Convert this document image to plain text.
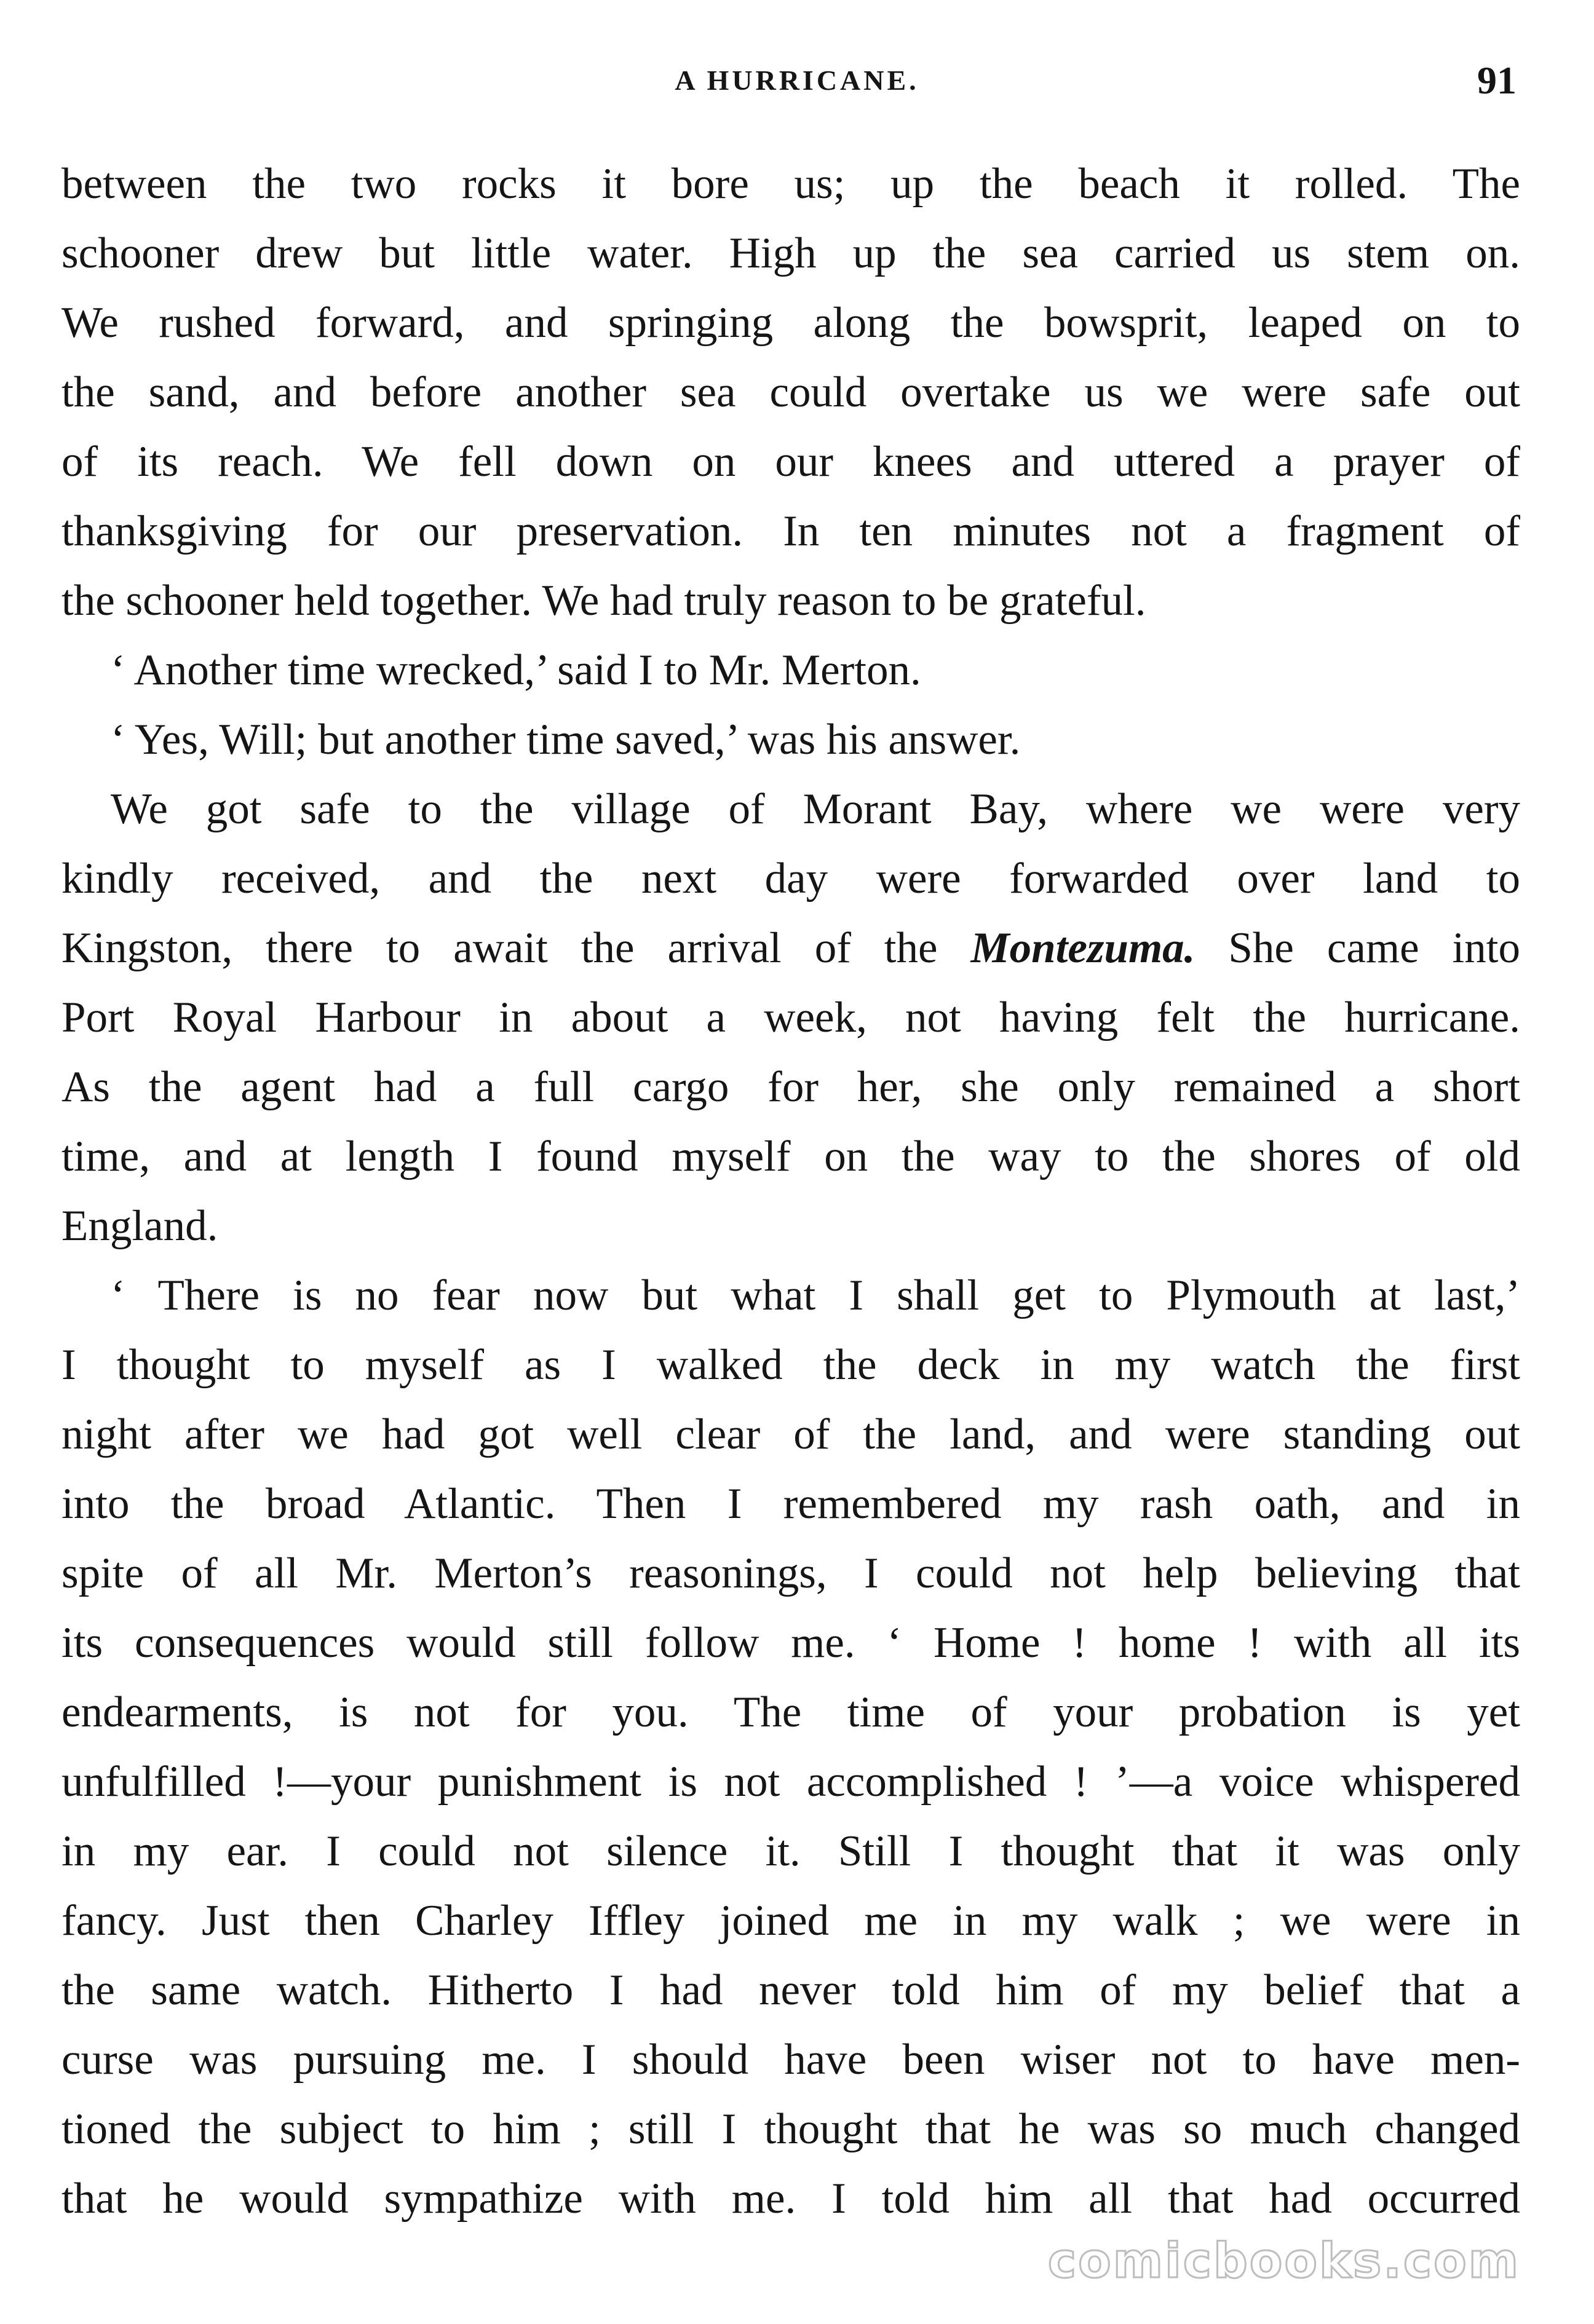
A HURRICANE.	91
between the two rocks it bore us; up the beach it rolled. The
schooner drew but little water. High up the sea carried us stem on.
We rushed forward, and springing along the bowsprit, leaped on to
the sand, and before another sea could overtake us we were safe out
of its reach. We fell down on our knees and uttered a prayer of
thanksgiving for our preservation. In ten minutes not a fragment of
the schooner held together. We had truly reason to be grateful.
‘ Another time wrecked,’ said I to Mr. Merton.
‘ Yes, Will; but another time saved,’ was his answer.
We got safe to the village of Morant Bay, where we were very
kindly received, and the next day were forwarded over land to
Kingston, there to await the arrival of the Montezuma. She came into
Port Royal Harbour in about a week, not having felt the hurricane.
As the agent had a full cargo for her, she only remained a short
time, and at length I found myself on the way to the shores of old
England.
‘ There is no fear now but what I shall get to Plymouth at last,’
I thought to myself as I walked the deck in my watch the first
night after we had got well clear of the land, and were standing out
into the broad Atlantic. Then I remembered my rash oath, and in
spite of all Mr. Merton’s reasonings, I could not help believing that
its consequences would still follow me. ‘ Home ! home ! with all its
endearments, is not for you. The time of your probation is yet
unfulfilled !—your punishment is not accomplished ! ’—a voice whispered
in my ear. I could not silence it. Still I thought that it was only
fancy. Just then Charley Iffley joined me in my walk ; we were in
the same watch. Hitherto I had never told him of my belief that a
curse was pursuing me. I should have been wiser not to have men-
tioned the subject to him ; still I thought that he was so much changed
that he would sympathize with me. I told him all that had occurred
comicbooks.com
